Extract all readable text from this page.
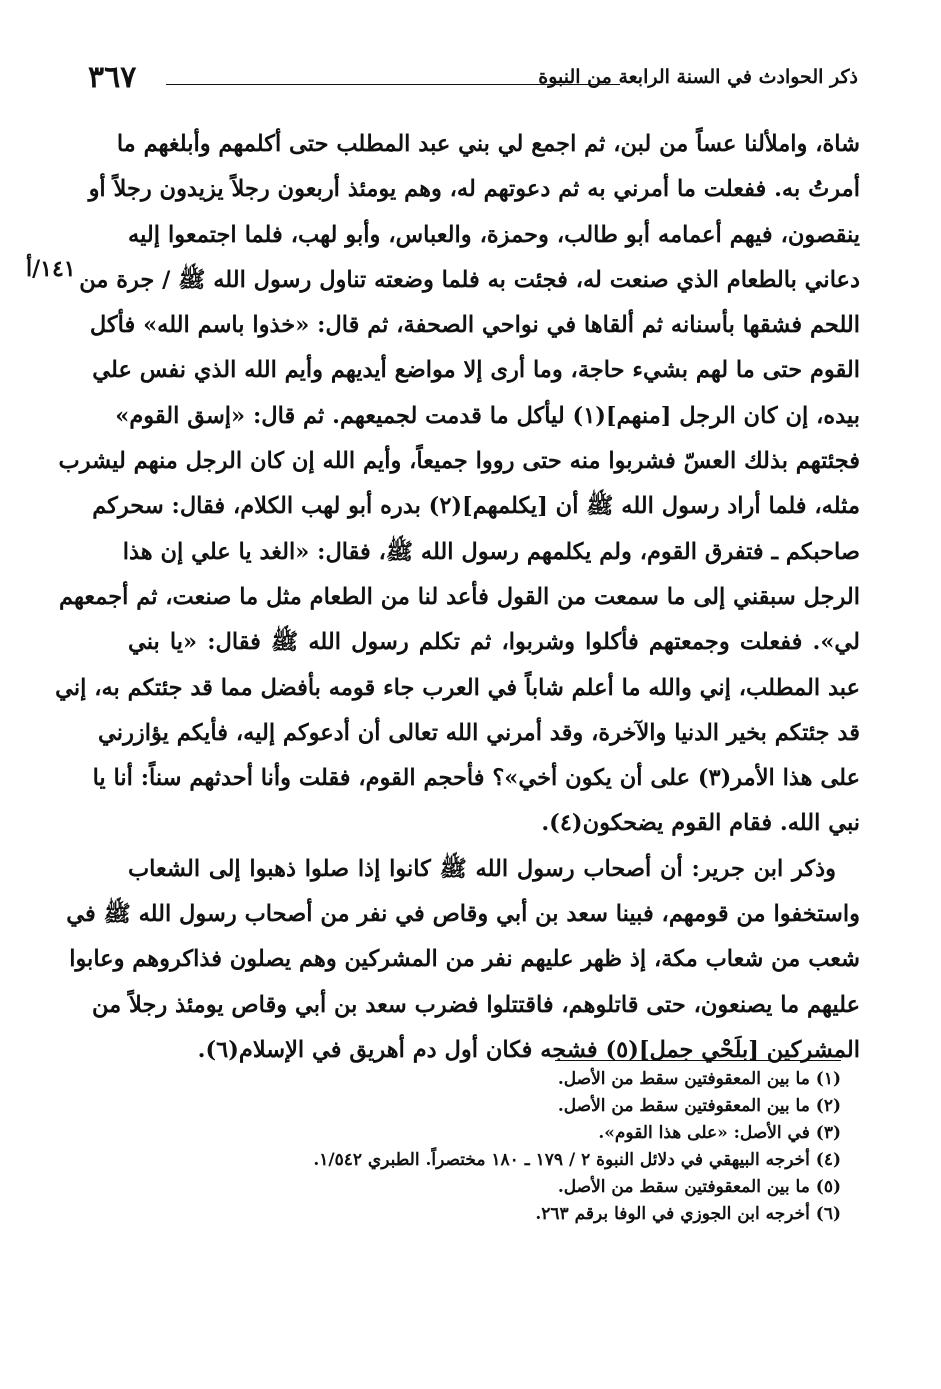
ذكر الحوادث في السنة الرابعة من النبوة
٣٦٧
١٤١/أ
شاة، واملألنا عساً من لبن، ثم اجمع لي بني عبد المطلب حتى أكلمهم وأبلغهم ما
أمرتُ به. ففعلت ما أمرني به ثم دعوتهم له، وهم يومئذ أربعون رجلاً يزيدون رجلاً أو
ينقصون، فيهم أعمامه أبو طالب، وحمزة، والعباس، وأبو لهب، فلما اجتمعوا إليه
دعاني بالطعام الذي صنعت له، فجئت به فلما وضعته تناول رسول الله ﷺ / جرة من
اللحم فشقها بأسنانه ثم ألقاها في نواحي الصحفة، ثم قال: «خذوا باسم الله» فأكل
القوم حتى ما لهم بشيء حاجة، وما أرى إلا مواضع أيديهم وأيم الله الذي نفس علي
بيده، إن كان الرجل [منهم](١) ليأكل ما قدمت لجميعهم. ثم قال: «إسق القوم»
فجئتهم بذلك العسّ فشربوا منه حتى رووا جميعاً، وأيم الله إن كان الرجل منهم ليشرب
مثله، فلما أراد رسول الله ﷺ أن [يكلمهم](٢) بدره أبو لهب الكلام، فقال: سحركم
صاحبكم ـ فتفرق القوم، ولم يكلمهم رسول الله ﷺ، فقال: «الغد يا علي إن هذا
الرجل سبقني إلى ما سمعت من القول فأعد لنا من الطعام مثل ما صنعت، ثم أجمعهم
لي». ففعلت وجمعتهم فأكلوا وشربوا، ثم تكلم رسول الله ﷺ فقال: «يا بني
عبد المطلب، إني والله ما أعلم شاباً في العرب جاء قومه بأفضل مما قد جئتكم به، إني
قد جئتكم بخير الدنيا والآخرة، وقد أمرني الله تعالى أن أدعوكم إليه، فأيكم يؤازرني
على هذا الأمر(٣) على أن يكون أخي»؟ فأحجم القوم، فقلت وأنا أحدثهم سناً: أنا يا
نبي الله. فقام القوم يضحكون(٤).
وذكر ابن جرير: أن أصحاب رسول الله ﷺ كانوا إذا صلوا ذهبوا إلى الشعاب
واستخفوا من قومهم، فبينا سعد بن أبي وقاص في نفر من أصحاب رسول الله ﷺ في
شعب من شعاب مكة، إذ ظهر عليهم نفر من المشركين وهم يصلون فذاكروهم وعابوا
عليهم ما يصنعون، حتى قاتلوهم، فاقتتلوا فضرب سعد بن أبي وقاص يومئذ رجلاً من
المشركين [بلَحْي جمل](٥) فشجه فكان أول دم أهريق في الإسلام(٦).
(١) ما بين المعقوفتين سقط من الأصل.
(٢) ما بين المعقوفتين سقط من الأصل.
(٣) في الأصل: «على هذا القوم».
(٤) أخرجه البيهقي في دلائل النبوة ٢ / ١٧٩ ـ ١٨٠ مختصراً. الطبري ١/٥٤٢.
(٥) ما بين المعقوفتين سقط من الأصل.
(٦) أخرجه ابن الجوزي في الوفا برقم ٢٦٣.
